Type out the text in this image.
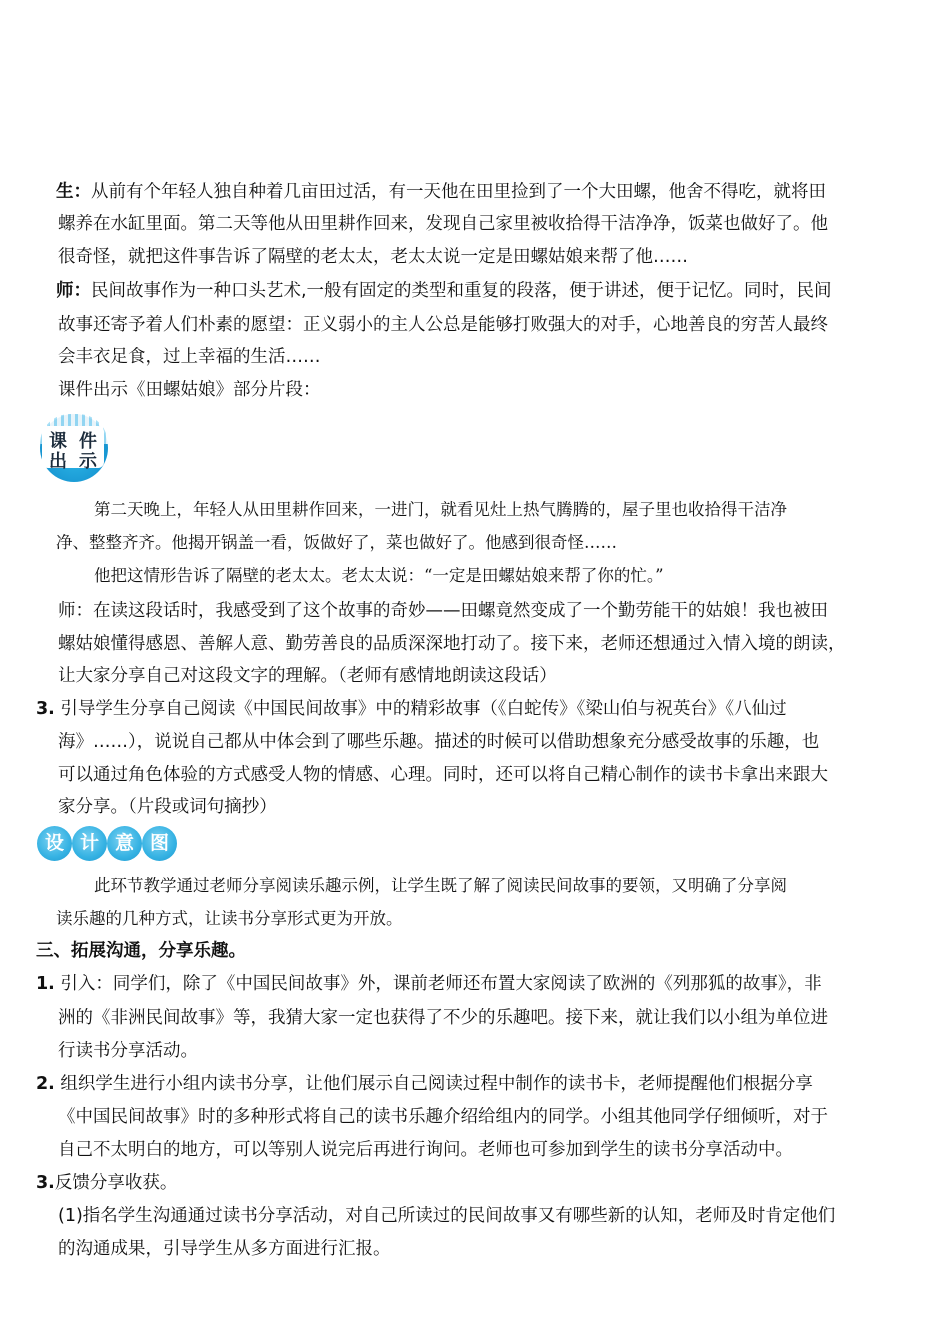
生：从前有个年轻人独自种着几亩田过活，有一天他在田里捡到了一个大田螺，他舍不得吃，就将田
螺养在水缸里面。第二天等他从田里耕作回来，发现自己家里被收拾得干洁净净，饭菜也做好了。他
很奇怪，就把这件事告诉了隔壁的老太太，老太太说一定是田螺姑娘来帮了他……
师：民间故事作为一种口头艺术,一般有固定的类型和重复的段落，便于讲述，便于记忆。同时，民间
故事还寄予着人们朴素的愿望：正义弱小的主人公总是能够打败强大的对手，心地善良的穷苦人最终
会丰衣足食，过上幸福的生活……
课件出示《田螺姑娘》部分片段：
课 件
出 示
第二天晚上，年轻人从田里耕作回来，一进门，就看见灶上热气腾腾的，屋子里也收拾得干洁净
净、整整齐齐。他揭开锅盖一看，饭做好了，菜也做好了。他感到很奇怪……
他把这情形告诉了隔壁的老太太。老太太说：“一定是田螺姑娘来帮了你的忙。”
师：在读这段话时，我感受到了这个故事的奇妙——田螺竟然变成了一个勤劳能干的姑娘！我也被田
螺姑娘懂得感恩、善解人意、勤劳善良的品质深深地打动了。接下来，老师还想通过入情入境的朗读，
让大家分享自己对这段文字的理解。（老师有感情地朗读这段话）
3. 引导学生分享自己阅读《中国民间故事》中的精彩故事（《白蛇传》《梁山伯与祝英台》《八仙过
海》……），说说自己都从中体会到了哪些乐趣。描述的时候可以借助想象充分感受故事的乐趣，也
可以通过角色体验的方式感受人物的情感、心理。同时，还可以将自己精心制作的读书卡拿出来跟大
家分享。（片段或词句摘抄）
设 计 意 图
此环节教学通过老师分享阅读乐趣示例，让学生既了解了阅读民间故事的要领，又明确了分享阅
读乐趣的几种方式，让读书分享形式更为开放。
三、拓展沟通，分享乐趣。
1. 引入：同学们，除了《中国民间故事》外，课前老师还布置大家阅读了欧洲的《列那狐的故事》，非
洲的《非洲民间故事》等，我猜大家一定也获得了不少的乐趣吧。接下来，就让我们以小组为单位进
行读书分享活动。
2. 组织学生进行小组内读书分享，让他们展示自己阅读过程中制作的读书卡，老师提醒他们根据分享
《中国民间故事》时的多种形式将自己的读书乐趣介绍给组内的同学。小组其他同学仔细倾听，对于
自己不太明白的地方，可以等别人说完后再进行询问。老师也可参加到学生的读书分享活动中。
3.反馈分享收获。
(1)指名学生沟通通过读书分享活动，对自己所读过的民间故事又有哪些新的认知，老师及时肯定他们
的沟通成果，引导学生从多方面进行汇报。
